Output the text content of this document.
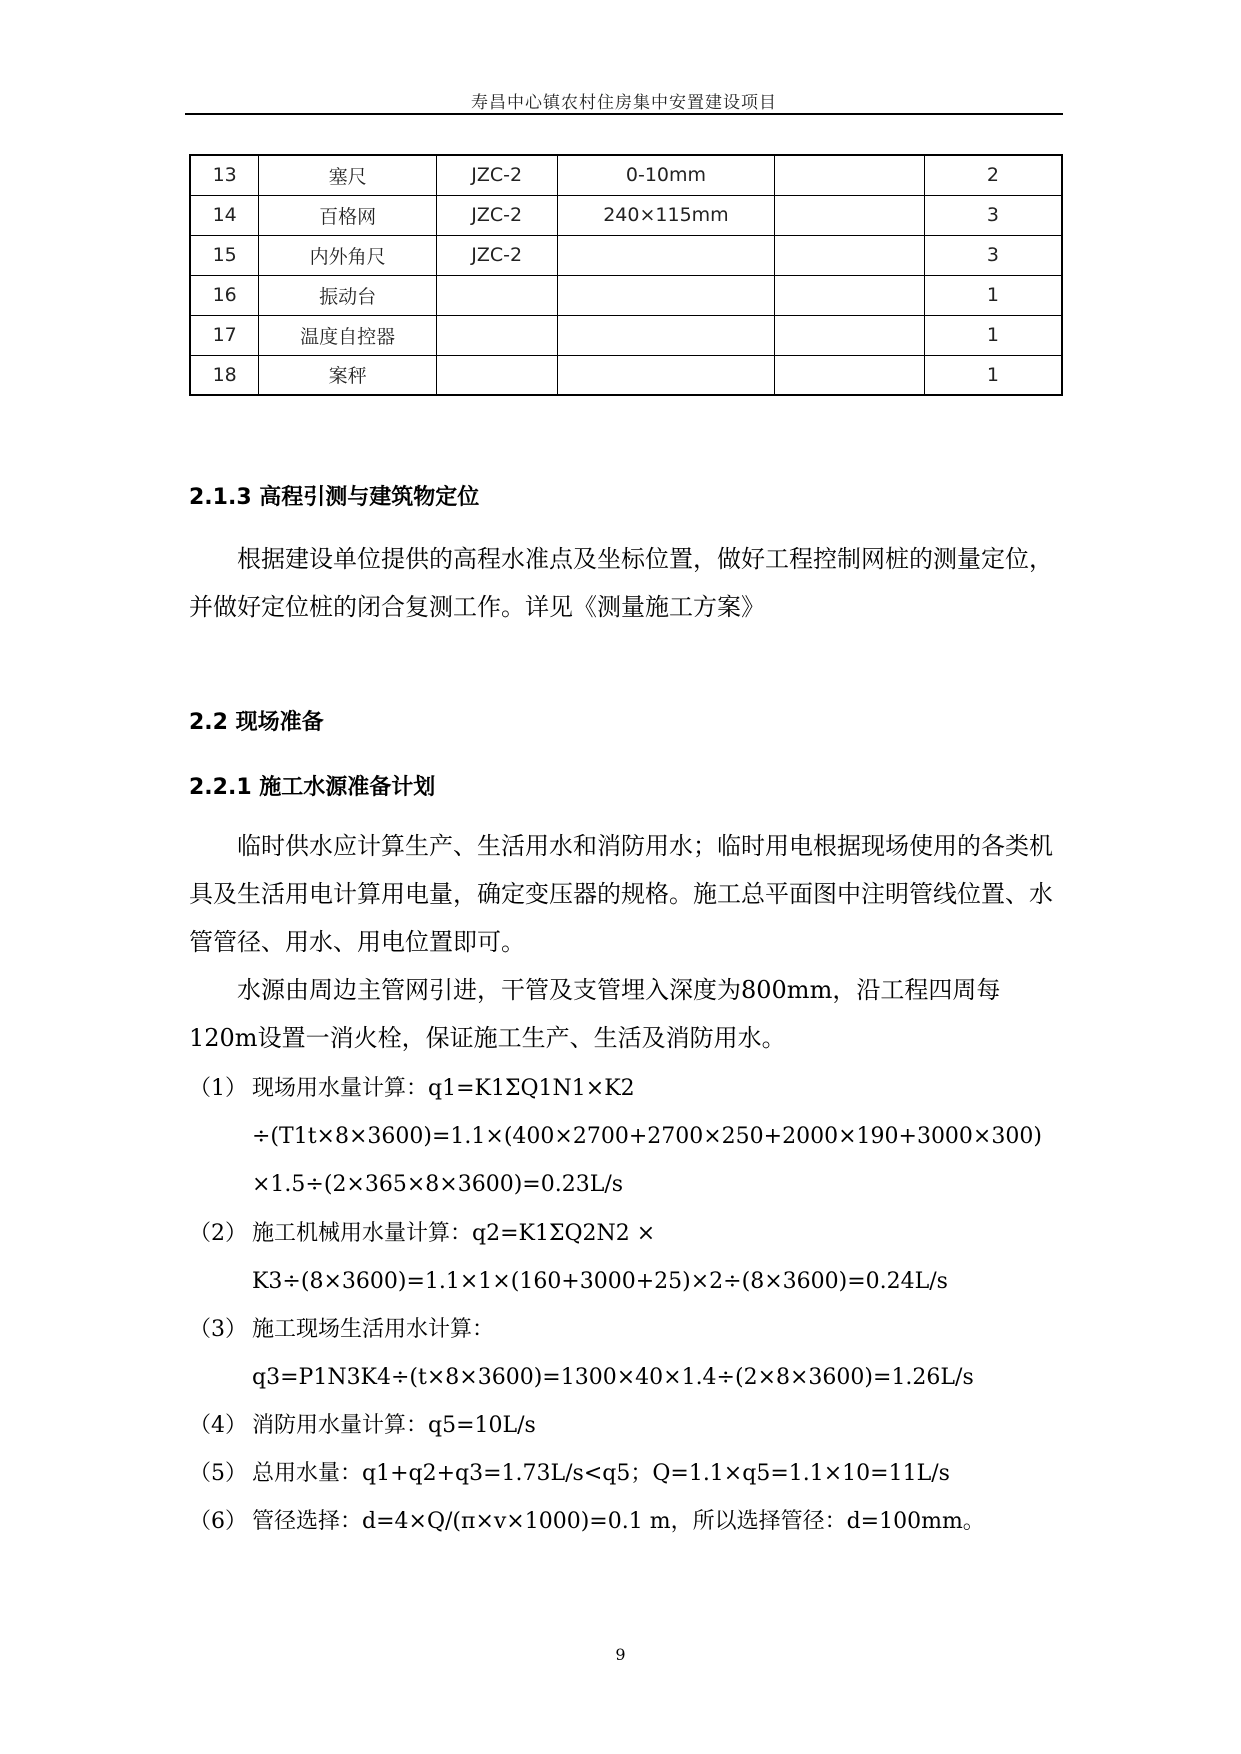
寿昌中心镇农村住房集中安置建设项目
13	塞尺	JZC-2	0-10mm		2
14	百格网	JZC-2	240×115mm		3
15	内外角尺	JZC-2			3
16	振动台				1
17	温度自控器				1
18	案秤				1
2.1.3 高程引测与建筑物定位
根据建设单位提供的高程水准点及坐标位置，做好工程控制网桩的测量定位，并做好定位桩的闭合复测工作。详见《测量施工方案》
2.2 现场准备
2.2.1 施工水源准备计划
临时供水应计算生产、生活用水和消防用水；临时用电根据现场使用的各类机具及生活用电计算用电量，确定变压器的规格。施工总平面图中注明管线位置、水管管径、用水、用电位置即可。
水源由周边主管网引进，干管及支管埋入深度为800mm，沿工程四周每120m设置一消火栓，保证施工生产、生活及消防用水。
（1） 现场用水量计算：q1=K1ΣQ1N1×K2 ÷(T1t×8×3600)=1.1×(400×2700+2700×250+2000×190+3000×300) ×1.5÷(2×365×8×3600)=0.23L/s
（2） 施工机械用水量计算：q2=K1ΣQ2N2 × K3÷(8×3600)=1.1×1×(160+3000+25)×2÷(8×3600)=0.24L/s
（3） 施工现场生活用水计算：q3=P1N3K4÷(t×8×3600)=1300×40×1.4÷(2×8×3600)=1.26L/s
（4） 消防用水量计算：q5=10L/s
（5） 总用水量：q1+q2+q3=1.73L/s<q5；Q=1.1×q5=1.1×10=11L/s
（6） 管径选择：d=4×Q/(π×v×1000)=0.1 m，所以选择管径：d=100mm。
9
